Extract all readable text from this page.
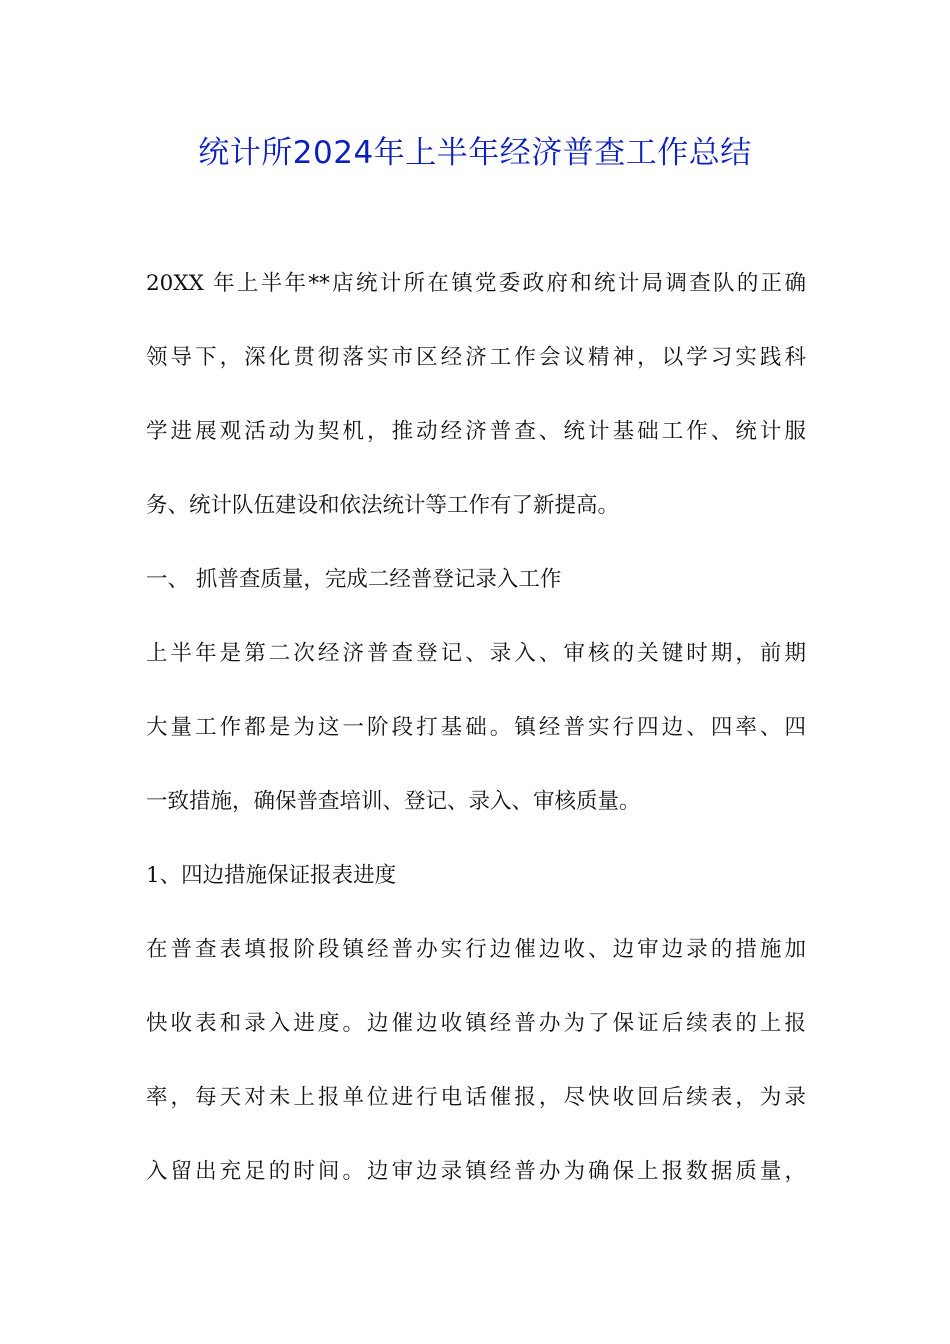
统计所2024年上半年经济普查工作总结
20XX 年上半年**店统计所在镇党委政府和统计局调查队的正确
领导下，深化贯彻落实市区经济工作会议精神，以学习实践科
学进展观活动为契机，推动经济普查、统计基础工作、统计服
务、统计队伍建设和依法统计等工作有了新提高。
一、 抓普查质量，完成二经普登记录入工作
上半年是第二次经济普查登记、录入、审核的关键时期，前期
大量工作都是为这一阶段打基础。镇经普实行四边、四率、四
一致措施，确保普查培训、登记、录入、审核质量。
1、四边措施保证报表进度
在普查表填报阶段镇经普办实行边催边收、边审边录的措施加
快收表和录入进度。边催边收镇经普办为了保证后续表的上报
率，每天对未上报单位进行电话催报，尽快收回后续表，为录
入留出充足的时间。边审边录镇经普办为确保上报数据质量，
